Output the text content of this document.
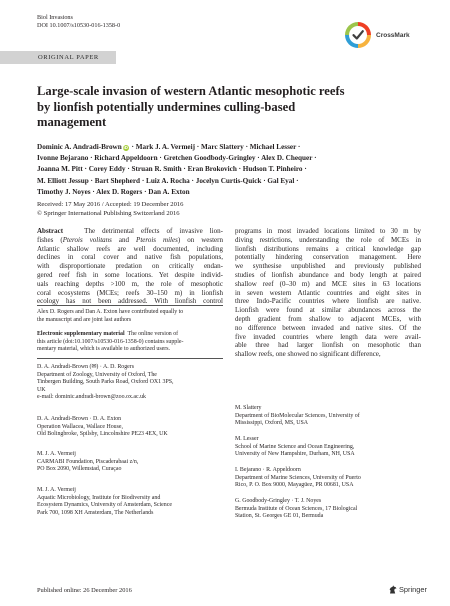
Biol Invasions
DOI 10.1007/s10530-016-1358-0
CrossMark
ORIGINAL PAPER
Large-scale invasion of western Atlantic mesophotic reefs
by lionfish potentially undermines culling-based
management
Dominic A. Andradi-Brown iD · Mark J. A. Vermeij · Marc Slattery · Michael Lesser ·
Ivonne Bejarano · Richard Appeldoorn · Gretchen Goodbody-Gringley · Alex D. Chequer ·
Joanna M. Pitt · Corey Eddy · Struan R. Smith · Eran Brokovich · Hudson T. Pinheiro ·
M. Elliott Jessup · Bart Shepherd · Luiz A. Rocha · Jocelyn Curtis-Quick · Gal Eyal ·
Timothy J. Noyes · Alex D. Rogers · Dan A. Exton
Received: 17 May 2016 / Accepted: 19 December 2016
© Springer International Publishing Switzerland 2016
Abstract	The detrimental effects of invasive lion-
fishes (Pterois volitans and Pterois miles) on western
Atlantic shallow reefs are well documented, including
declines in coral cover and native fish populations,
with disproportionate predation on critically endan-
gered reef fish in some locations. Yet despite individ-
uals reaching depths >100 m, the role of mesophotic
coral ecosystems (MCEs; reefs 30–150 m) in lionfish
ecology has not been addressed. With lionfish control
programs in most invaded locations limited to 30 m by
diving restrictions, understanding the role of MCEs in
lionfish distributions remains a critical knowledge gap
potentially hindering conservation management. Here
we synthesise unpublished and previously published
studies of lionfish abundance and body length at paired
shallow reef (0–30 m) and MCE sites in 63 locations
in seven western Atlantic countries and eight sites in
three Indo-Pacific countries where lionfish are native.
Lionfish were found at similar abundances across the
depth gradient from shallow to adjacent MCEs, with
no difference between invaded and native sites. Of the
five invaded countries where length data were avail-
able three had larger lionfish on mesophotic than
shallow reefs, one showed no significant difference,
Alex D. Rogers and Dan A. Exton have contributed equally to
the manuscript and are joint last authors
Electronic supplementary material The online version of
this article (doi:10.1007/s10530-016-1358-0) contains supple-
mentary material, which is available to authorized users.
D. A. Andradi-Brown (✉) · A. D. Rogers
Department of Zoology, University of Oxford, The
Tinbergen Building, South Parks Road, Oxford OX1 3PS,
UK
e-mail: dominic.andradi-brown@zoo.ox.ac.uk
D. A. Andradi-Brown · D. A. Exton
Operation Wallacea, Wallace House,
Old Bolingbroke, Spilsby, Lincolnshire PE23 4EX, UK
M. J. A. Vermeij
CARMABI Foundation, Piscaderabaai z/n,
PO Box 2090, Willemstad, Curaçao
M. J. A. Vermeij
Aquatic Microbiology, Institute for Biodiversity and
Ecosystem Dynamics, University of Amsterdam, Science
Park 700, 1098 XH Amsterdam, The Netherlands
M. Slattery
Department of BioMolecular Sciences, University of
Mississippi, Oxford, MS, USA
M. Lesser
School of Marine Science and Ocean Engineering,
University of New Hampshire, Durham, NH, USA
I. Bejarano · R. Appeldoorn
Department of Marine Sciences, University of Puerto
Rico, P. O. Box 9000, Mayagüez, PR 00681, USA
G. Goodbody-Gringley · T. J. Noyes
Bermuda Institute of Ocean Sciences, 17 Biological
Station, St. Georges GE 01, Bermuda
Published online: 26 December 2016	Springer
